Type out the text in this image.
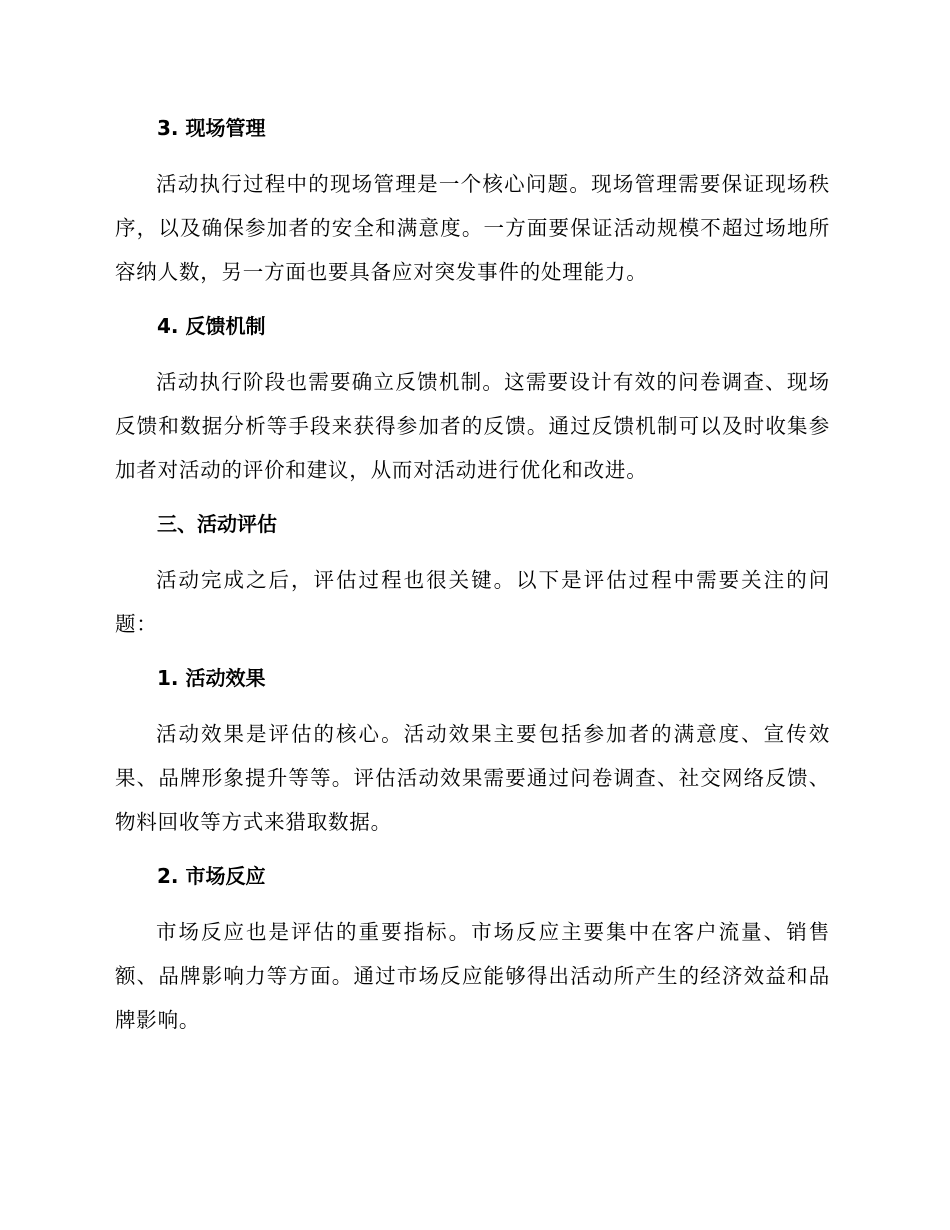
3. 现场管理

活动执行过程中的现场管理是一个核心问题。现场管理需要保证现场秩序，以及确保参加者的安全和满意度。一方面要保证活动规模不超过场地所容纳人数，另一方面也要具备应对突发事件的处理能力。

4. 反馈机制

活动执行阶段也需要确立反馈机制。这需要设计有效的问卷调查、现场反馈和数据分析等手段来获得参加者的反馈。通过反馈机制可以及时收集参加者对活动的评价和建议，从而对活动进行优化和改进。

三、活动评估

活动完成之后，评估过程也很关键。以下是评估过程中需要关注的问题：

1. 活动效果

活动效果是评估的核心。活动效果主要包括参加者的满意度、宣传效果、品牌形象提升等等。评估活动效果需要通过问卷调查、社交网络反馈、物料回收等方式来猎取数据。

2. 市场反应

市场反应也是评估的重要指标。市场反应主要集中在客户流量、销售额、品牌影响力等方面。通过市场反应能够得出活动所产生的经济效益和品牌影响。
